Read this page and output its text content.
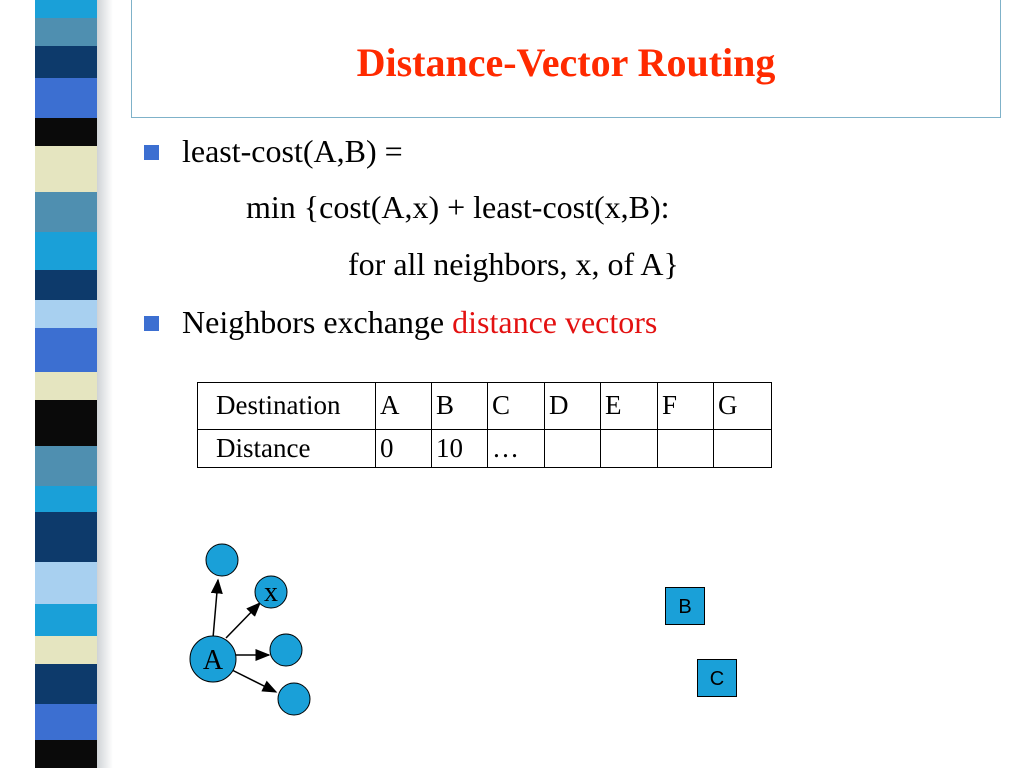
Distance-Vector Routing
least-cost(A,B) =
min {cost(A,x) + least-cost(x,B):
for all neighbors, x, of A}
Neighbors exchange distance vectors
Destination	A	B	C	D	E	F	G
Distance	0	10	…				
x
A
B
C
